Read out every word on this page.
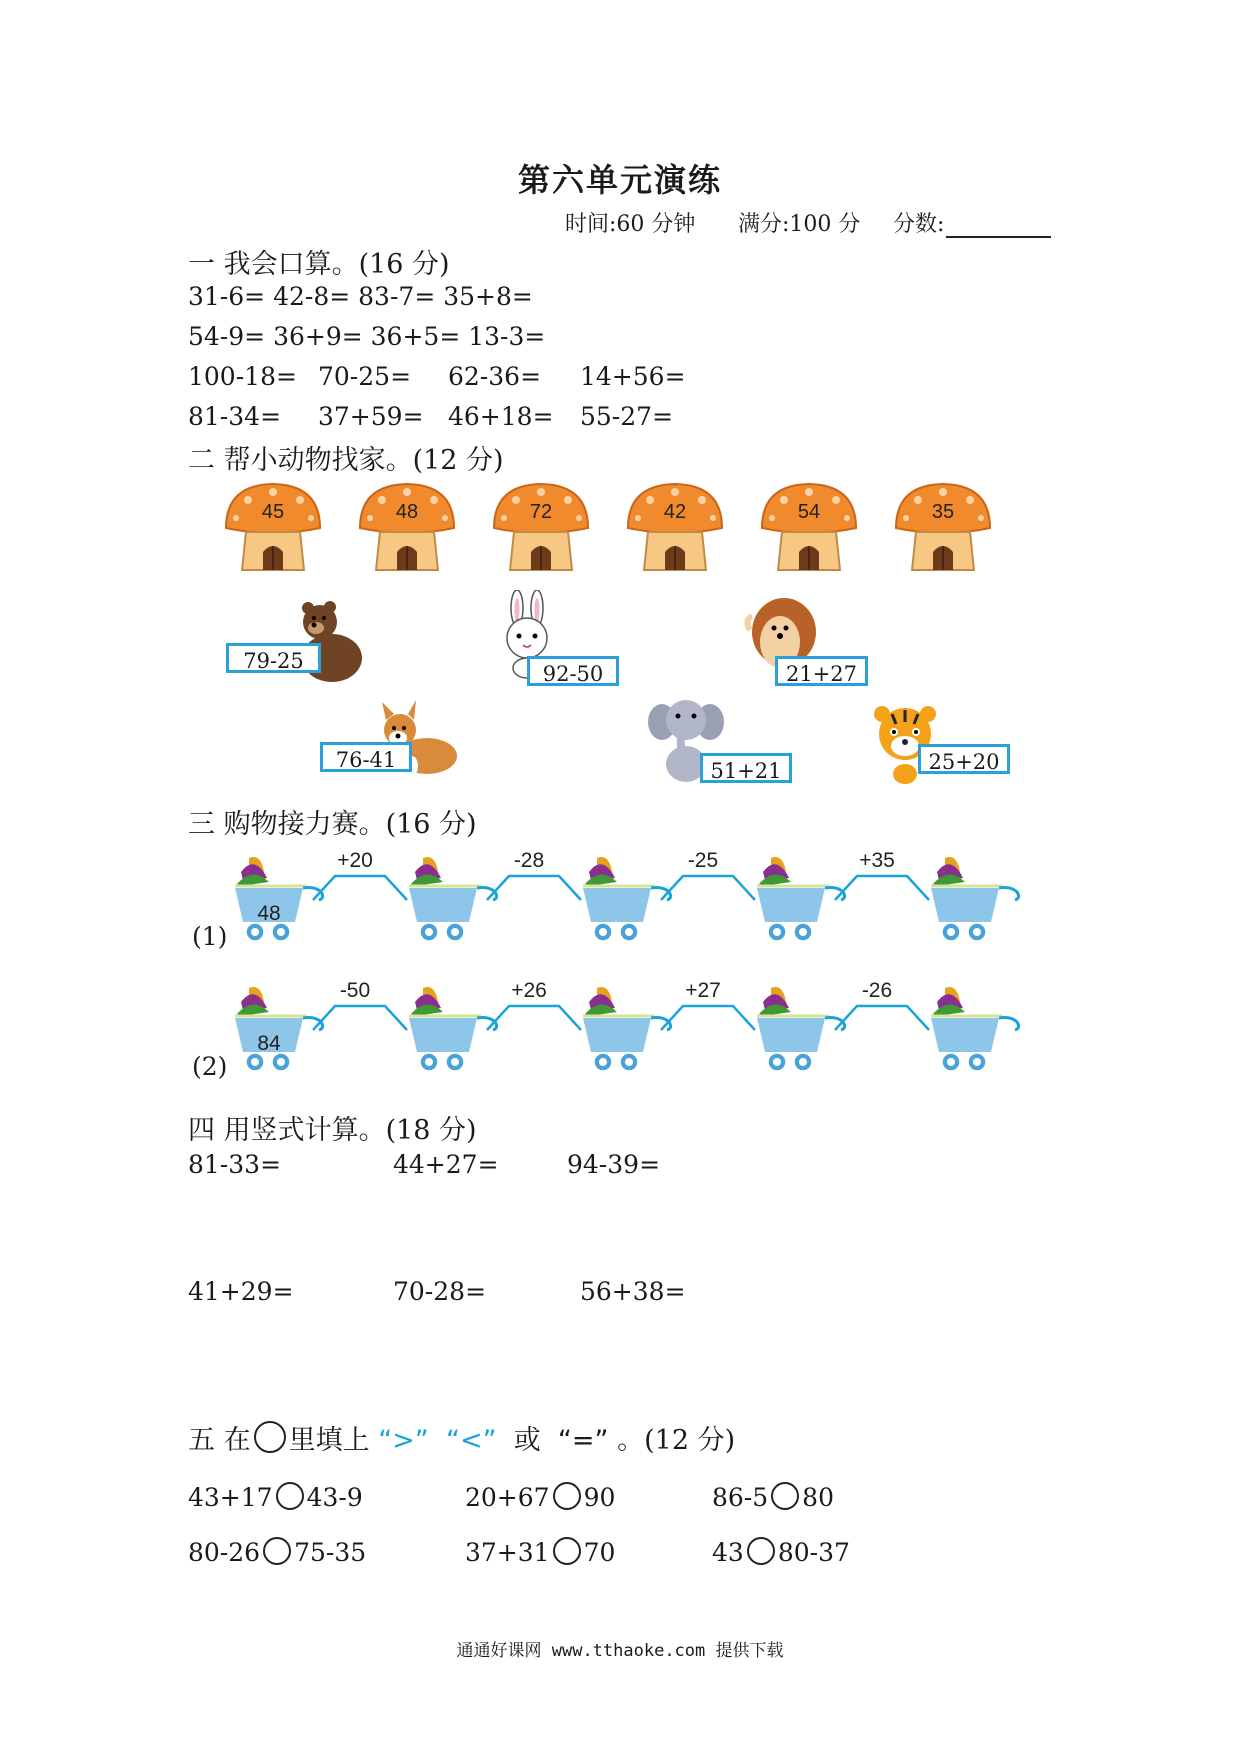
第六单元演练
时间:60 分钟 满分:100 分 分数:
一 我会口算。(16 分)
31-6= 42-8= 83-7= 35+8=
54-9= 36+9= 36+5= 13-3=
100-18= 70-25= 62-36= 14+56=
81-34= 37+59= 46+18= 55-27=
二 帮小动物找家。(12 分)
45	48	72	42	54	35
79-25
92-50	21+27
76-41	51+21	25+20
三 购物接力赛。(16 分)
48
+20	-28	-25	+35
(1)
84
-50	+26	+27	-26
(2)
四 用竖式计算。(18 分)
81-33=	44+27=	94-39=
41+29=	70-28=	56+38=
五 在 里填上 “>” “<” 或 “=” 。(12 分)
43+17 43-9	20+67 90	86-5 80
80-26 75-35	37+31 70	43 80-37
通通好课网 www.tthaoke.com 提供下载
